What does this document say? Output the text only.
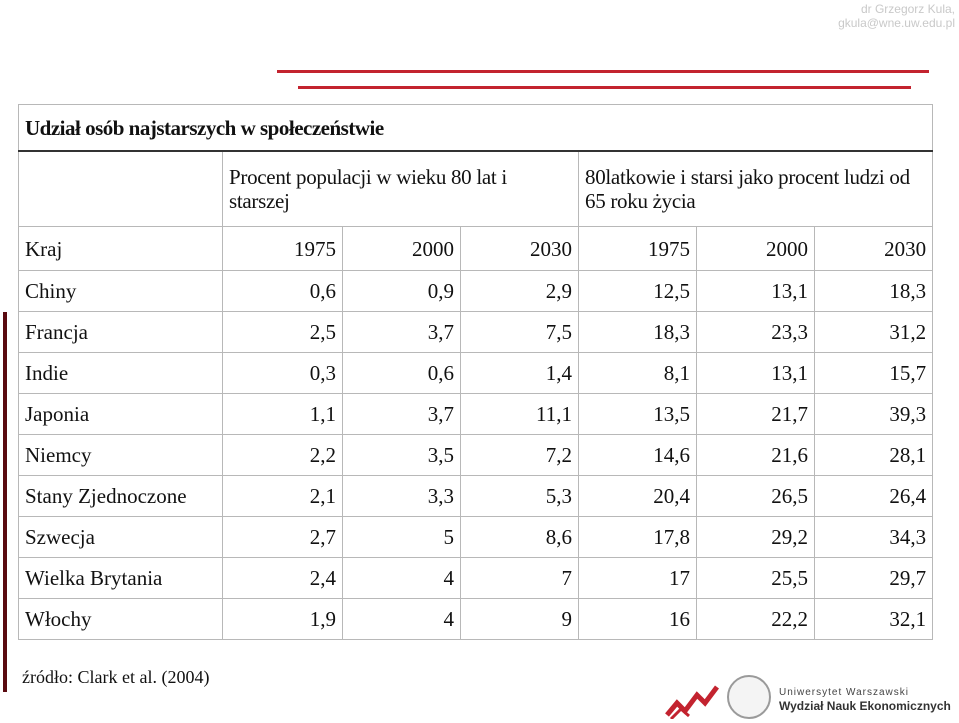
dr Grzegorz Kula,
gkula@wne.uw.edu.pl
Udział osób najstarszych w społeczeństwie						
	Procent populacji w wieku 80 lat i starszej			80latkowie i starsi jako procent ludzi od 65 roku życia		
Kraj	1975	2000	2030	1975	2000	2030
Chiny	0,6	0,9	2,9	12,5	13,1	18,3
Francja	2,5	3,7	7,5	18,3	23,3	31,2
Indie	0,3	0,6	1,4	8,1	13,1	15,7
Japonia	1,1	3,7	11,1	13,5	21,7	39,3
Niemcy	2,2	3,5	7,2	14,6	21,6	28,1
Stany Zjednoczone	2,1	3,3	5,3	20,4	26,5	26,4
Szwecja	2,7	5	8,6	17,8	29,2	34,3
Wielka Brytania	2,4	4	7	17	25,5	29,7
Włochy	1,9	4	9	16	22,2	32,1
źródło: Clark et al. (2004)
Uniwersytet Warszawski
Wydział Nauk Ekonomicznych
